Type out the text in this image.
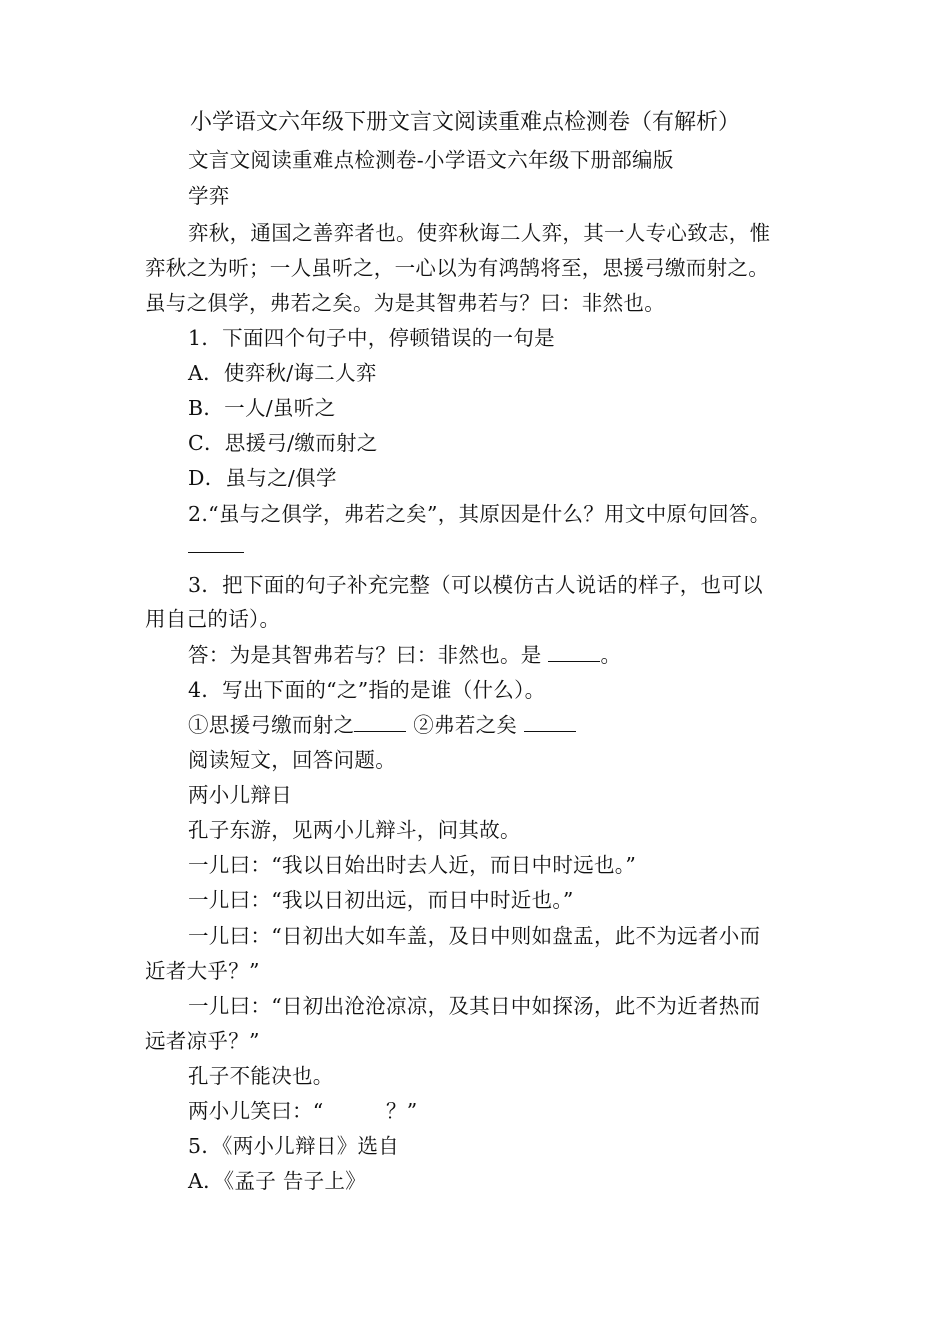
小学语文六年级下册文言文阅读重难点检测卷（有解析）
文言文阅读重难点检测卷-小学语文六年级下册部编版
学弈
弈秋，通国之善弈者也。使弈秋诲二人弈，其一人专心致志，惟
弈秋之为听；一人虽听之，一心以为有鸿鹄将至，思援弓缴而射之。
虽与之俱学，弗若之矣。为是其智弗若与？曰：非然也。
1．下面四个句子中，停顿错误的一句是
A．使弈秋/诲二人弈
B．一人/虽听之
C．思援弓/缴而射之
D．虽与之/俱学
2.“虽与之俱学，弗若之矣”，其原因是什么？用文中原句回答。
3．把下面的句子补充完整（可以模仿古人说话的样子，也可以
用自己的话）。
答：为是其智弗若与？曰：非然也。是	。
4．写出下面的“之”指的是谁（什么）。
①思援弓缴而射之	②弗若之矣
阅读短文，回答问题。
两小儿辩日
孔子东游，见两小儿辩斗，问其故。
一儿曰：“我以日始出时去人近，而日中时远也。”
一儿曰：“我以日初出远，而日中时近也。”
一儿曰：“日初出大如车盖，及日中则如盘盂，此不为远者小而
近者大乎？”
一儿曰：“日初出沧沧凉凉，及其日中如探汤，此不为近者热而
远者凉乎？”
孔子不能决也。
两小儿笑曰：“　　　？”
5．《两小儿辩日》选自
A．《孟子 告子上》
